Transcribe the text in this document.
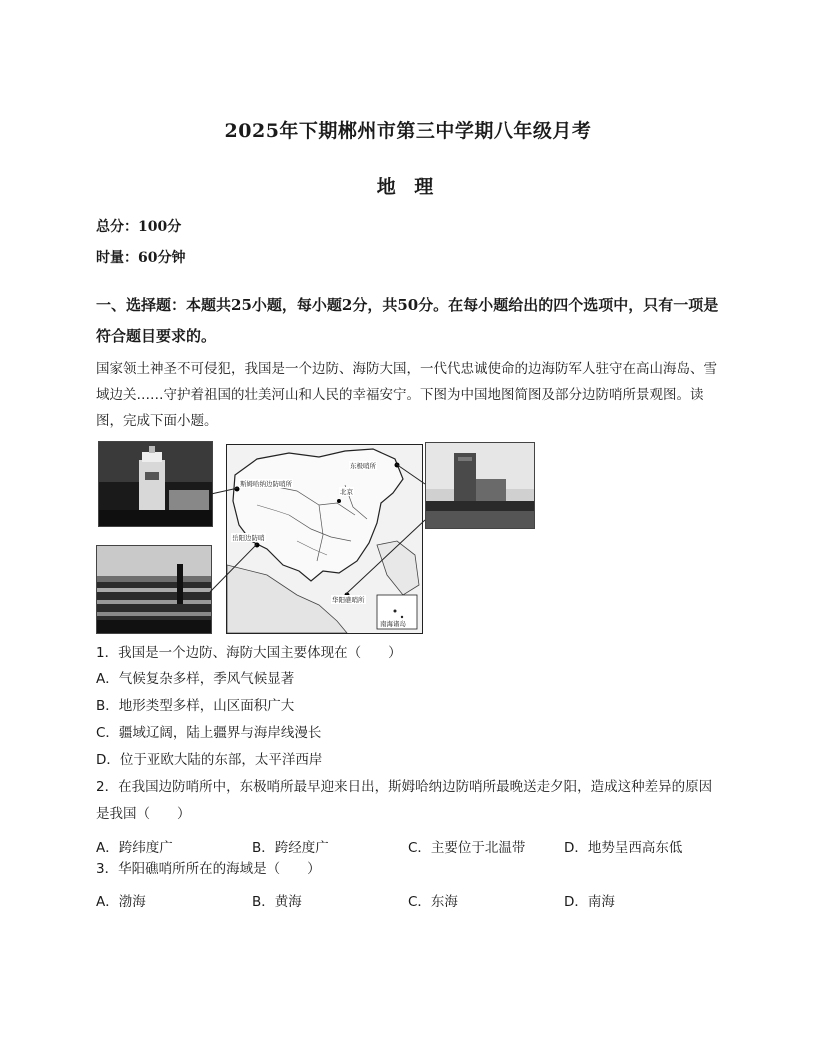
2025年下期郴州市第三中学期八年级月考
地 理
总分：100分
时量：60分钟
一、选择题：本题共25小题，每小题2分，共50分。在每小题给出的四个选项中，只有一项是符合题目要求的。
国家领土神圣不可侵犯，我国是一个边防、海防大国，一代代忠诚使命的边海防军人驻守在高山海岛、雪域边关……守护着祖国的壮美河山和人民的幸福安宁。下图为中国地图简图及部分边防哨所景观图。读图，完成下面小题。
东极哨所
斯姆哈纳边防哨所
北京
岳阳边防哨
华阳礁哨所
南海诸岛
1．我国是一个边防、海防大国主要体现在（　　）
A．气候复杂多样，季风气候显著
B．地形类型多样，山区面积广大
C．疆域辽阔，陆上疆界与海岸线漫长
D．位于亚欧大陆的东部，太平洋西岸
2．在我国边防哨所中，东极哨所最早迎来日出，斯姆哈纳边防哨所最晚送走夕阳，造成这种差异的原因是我国（　　）
A．跨纬度广	B．跨经度广	C．主要位于北温带	D．地势呈西高东低
3．华阳礁哨所所在的海域是（　　）
A．渤海	B．黄海	C．东海	D．南海
